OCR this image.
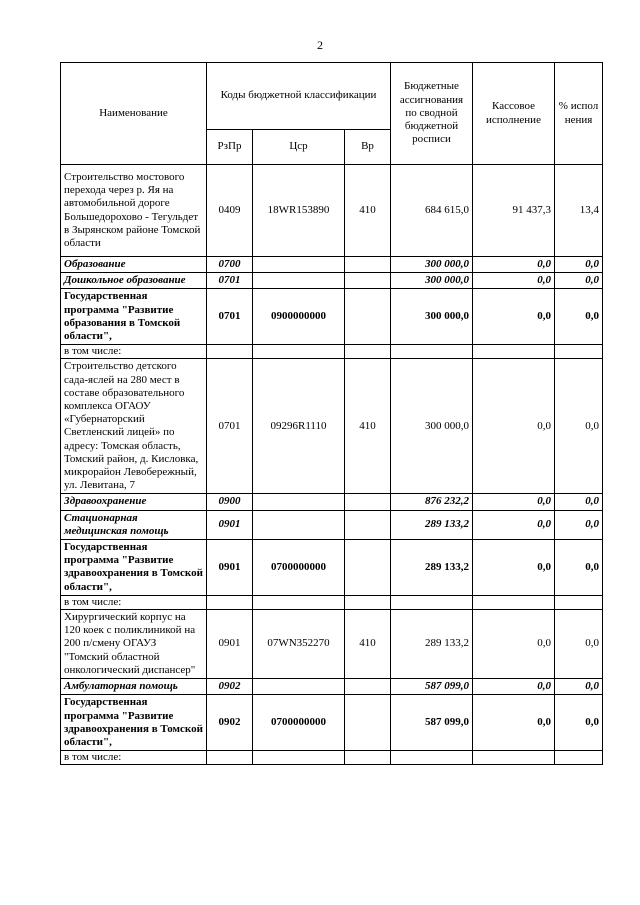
2
Наименование	Коды бюджетной классификации			Бюджетные ассигнования по сводной бюджетной росписи	Кассовое исполнение	% испол нения
	РзПр	Цср	Вр			
Строительство мостового перехода через р. Яя на автомобильной дороге Большедорохово - Тегульдет в Зырянском районе Томской области	0409	18WR153890	410	684 615,0	91 437,3	13,4
Образование	0700			300 000,0	0,0	0,0
Дошкольное образование	0701			300 000,0	0,0	0,0
Государственная программа "Развитие образования в Томской области",	0701	0900000000		300 000,0	0,0	0,0
в том числе:						
Строительство детского сада-яслей на 280 мест в составе образовательного комплекса ОГАОУ «Губернаторский Светленский лицей» по адресу: Томская область, Томский район, д. Кисловка, микрорайон Левобережный, ул. Левитана, 7	0701	09296R1110	410	300 000,0	0,0	0,0
Здравоохранение	0900			876 232,2	0,0	0,0
Стационарная медицинская помощь	0901			289 133,2	0,0	0,0
Государственная программа "Развитие здравоохранения в Томской области",	0901	0700000000		289 133,2	0,0	0,0
в том числе:						
Хирургический корпус на 120 коек с поликлиникой на 200 п/смену ОГАУЗ "Томский областной онкологический диспансер"	0901	07WN352270	410	289 133,2	0,0	0,0
Амбулаторная помощь	0902			587 099,0	0,0	0,0
Государственная программа "Развитие здравоохранения в Томской области",	0902	0700000000		587 099,0	0,0	0,0
в том числе:						
